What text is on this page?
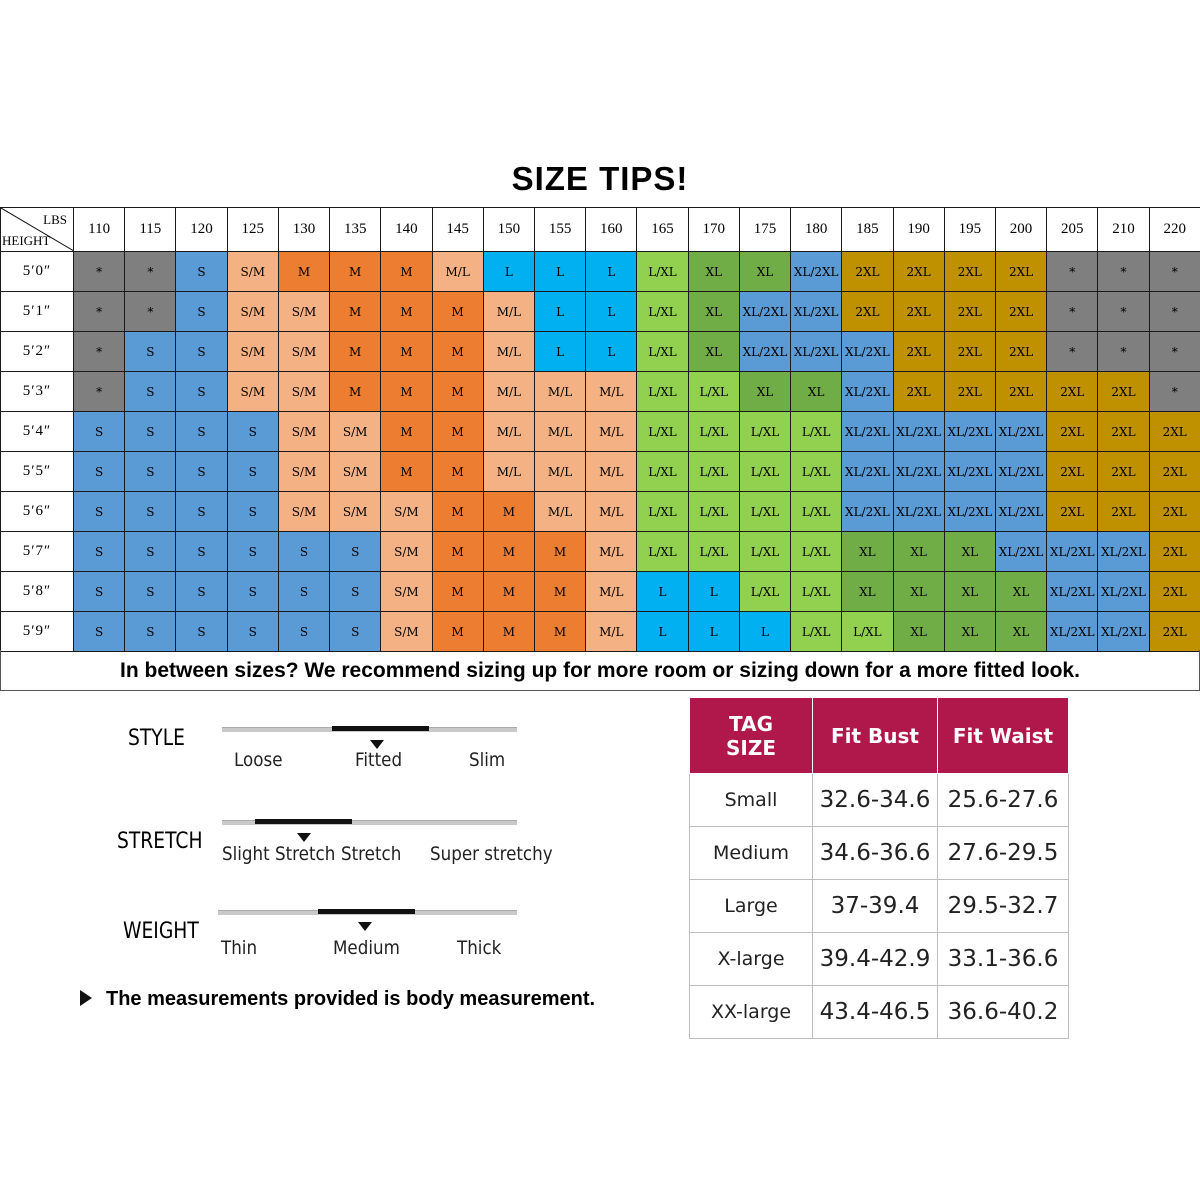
SIZE TIPS!
LBS
HEIGHT	110	115	120	125	130	135	140	145	150	155	160	165	170	175	180	185	190	195	200	205	210	220
5′0″	*	*	S	S/M	M	M	M	M/L	L	L	L	L/XL	XL	XL	XL/2XL	2XL	2XL	2XL	2XL	*	*	*
5′1″	*	*	S	S/M	S/M	M	M	M	M/L	L	L	L/XL	XL	XL/2XL	XL/2XL	2XL	2XL	2XL	2XL	*	*	*
5′2″	*	S	S	S/M	S/M	M	M	M	M/L	L	L	L/XL	XL	XL/2XL	XL/2XL	XL/2XL	2XL	2XL	2XL	*	*	*
5′3″	*	S	S	S/M	S/M	M	M	M	M/L	M/L	M/L	L/XL	L/XL	XL	XL	XL/2XL	2XL	2XL	2XL	2XL	2XL	*
5′4″	S	S	S	S	S/M	S/M	M	M	M/L	M/L	M/L	L/XL	L/XL	L/XL	L/XL	XL/2XL	XL/2XL	XL/2XL	XL/2XL	2XL	2XL	2XL
5′5″	S	S	S	S	S/M	S/M	M	M	M/L	M/L	M/L	L/XL	L/XL	L/XL	L/XL	XL/2XL	XL/2XL	XL/2XL	XL/2XL	2XL	2XL	2XL
5′6″	S	S	S	S	S/M	S/M	S/M	M	M	M/L	M/L	L/XL	L/XL	L/XL	L/XL	XL/2XL	XL/2XL	XL/2XL	XL/2XL	2XL	2XL	2XL
5′7″	S	S	S	S	S	S	S/M	M	M	M	M/L	L/XL	L/XL	L/XL	L/XL	XL	XL	XL	XL/2XL	XL/2XL	XL/2XL	2XL
5′8″	S	S	S	S	S	S	S/M	M	M	M	M/L	L	L	L/XL	L/XL	XL	XL	XL	XL	XL/2XL	XL/2XL	2XL
5′9″	S	S	S	S	S	S	S/M	M	M	M	M/L	L	L	L	L/XL	L/XL	XL	XL	XL	XL/2XL	XL/2XL	2XL
In between sizes? We recommend sizing up for more room or sizing down for a more fitted look.
STYLE
Loose	Fitted	Slim
STRETCH Slight Stretch Stretch Super stretchy
WEIGHT
Thin	Medium	Thick
The measurements provided is body measurement.
TAG SIZE	Fit Bust	Fit Waist
Small	32.6-34.6	25.6-27.6
Medium	34.6-36.6	27.6-29.5
Large	37-39.4	29.5-32.7
X-large	39.4-42.9	33.1-36.6
XX-large	43.4-46.5	36.6-40.2
